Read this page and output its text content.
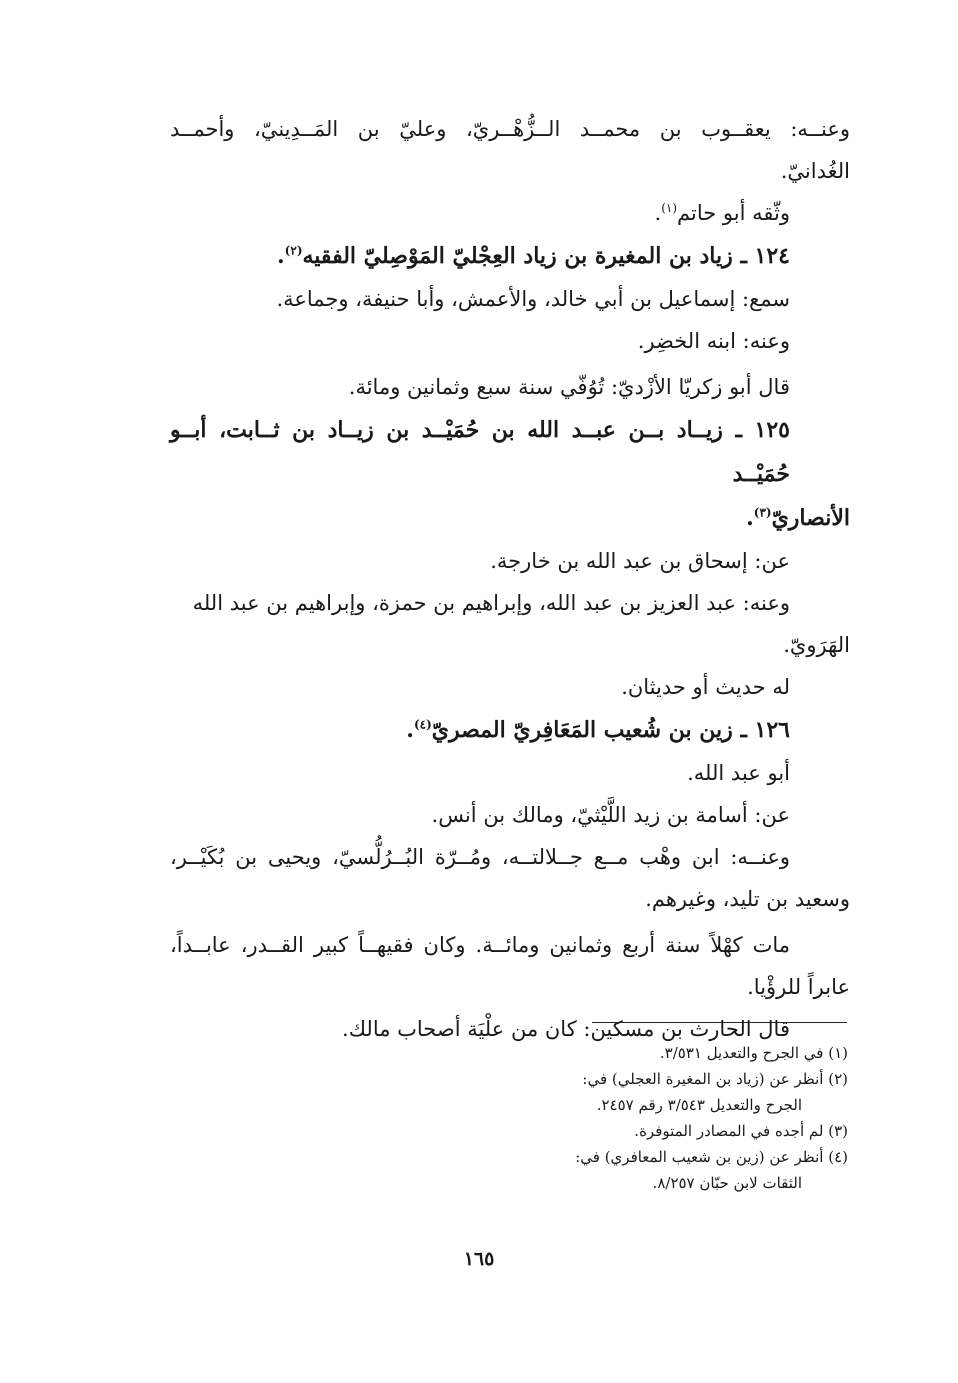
وعنــه: يعقــوب بن محمــد الــزُّهْــريّ، وعليّ بن المَــدِينيّ، وأحمــد
الغُدانيّ.
وثّقه أبو حاتم$^{(١)}$.
١٢٤ ـ زياد بن المغيرة بن زياد العِجْليّ المَوْصِليّ الفقيه$^{(٢)}$.
سمع: إسماعيل بن أبي خالد، والأعمش، وأبا حنيفة، وجماعة.
وعنه: ابنه الخضِر.
قال أبو زكريّا الأزْديّ: تُوُفّي سنة سبع وثمانين ومائة.
١٢٥ ـ زيــاد بــن عبــد الله بن حُمَيْــد بن زيــاد بن ثــابت، أبــو حُمَيْــد
الأنصاريّ$^{(٣)}$.
عن: إسحاق بن عبد الله بن خارجة.
وعنه: عبد العزيز بن عبد الله، وإبراهيم بن حمزة، وإبراهيم بن عبد الله
الهَرَويّ.
له حديث أو حديثان.
١٢٦ ـ زين بن شُعيب المَعَافِريّ المصريّ$^{(٤)}$.
أبو عبد الله.
عن: أسامة بن زيد اللَّيْثيّ، ومالك بن أنس.
وعنــه: ابن وهْب مــع جــلالتــه، ومُــرّة البُــرُلُّسيّ، ويحيى بن بُكَيْــر،
وسعيد بن تليد، وغيرهم.
مات كهْلاً سنة أربع وثمانين ومائــة. وكان فقيهــاً كبير القــدر، عابــداً،
عابراً للرؤْيا.
قال الحارث بن مسكين: كان من علْيَة أصحاب مالك.
(١) في الجرح والتعديل ٣/٥٣١.
(٢) أنظر عن (زياد بن المغيرة العجلي) في:
الجرح والتعديل ٣/٥٤٣ رقم ٢٤٥٧.
(٣) لم أجده في المصادر المتوفرة.
(٤) أنظر عن (زين بن شعيب المعافري) في:
الثقات لابن حبّان ٨/٢٥٧.
١٦٥
